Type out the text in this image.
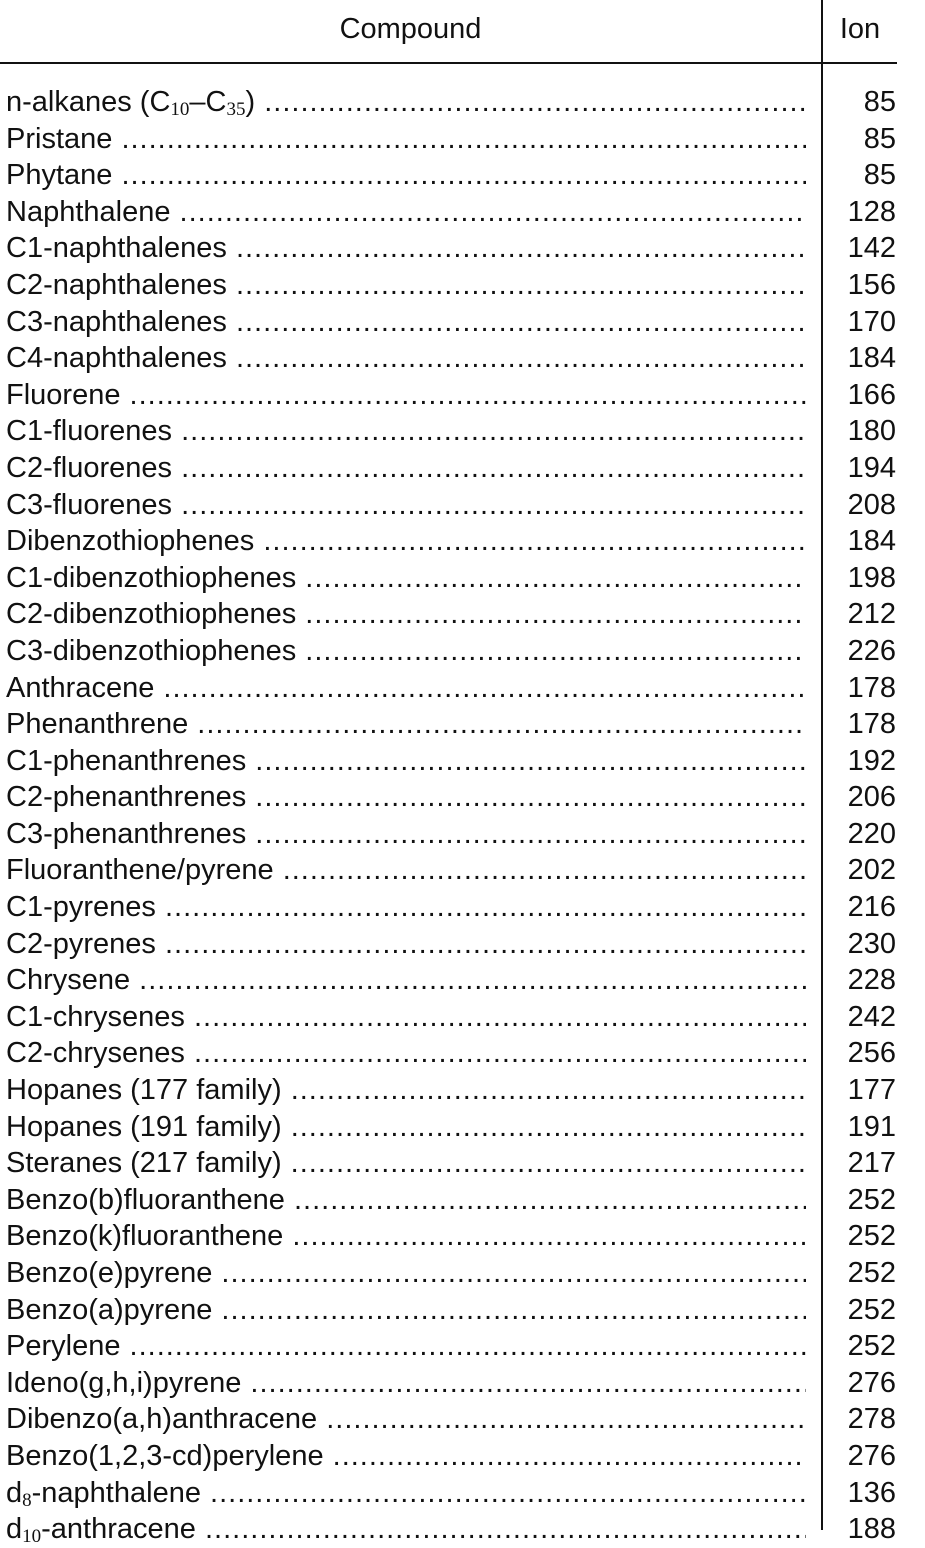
Compound	Ion
n-alkanes $(C_{10}-C_{35})$ .....	85
Pristane .....	85
Phytane .....	85
Naphthalene .....	128
C1-naphthalenes .....	142
C2-naphthalenes .....	156
C3-naphthalenes .....	170
C4-naphthalenes .....	184
Fluorene .....	166
C1-fluorenes .....	180
C2-fluorenes .....	194
C3-fluorenes .....	208
Dibenzothiophenes .....	184
C1-dibenzothiophenes .....	198
C2-dibenzothiophenes .....	212
C3-dibenzothiophenes .....	226
Anthracene .....	178
Phenanthrene .....	178
C1-phenanthrenes .....	192
C2-phenanthrenes .....	206
C3-phenanthrenes .....	220
Fluoranthene/pyrene .....	202
C1-pyrenes .....	216
C2-pyrenes .....	230
Chrysene .....	228
C1-chrysenes .....	242
C2-chrysenes .....	256
Hopanes (177 family) .....	177
Hopanes (191 family) .....	191
Steranes (217 family) .....	217
Benzo(b)fluoranthene .....	252
Benzo(k)fluoranthene .....	252
Benzo(e)pyrene .....	252
Benzo(a)pyrene .....	252
Perylene .....	252
Ideno(g,h,i)pyrene .....	276
Dibenzo(a,h)anthracene .....	278
Benzo(1,2,3-cd)perylene .....	276
$d_8$-naphthalene .....	136
$d_{10}$-anthracene .....	188
